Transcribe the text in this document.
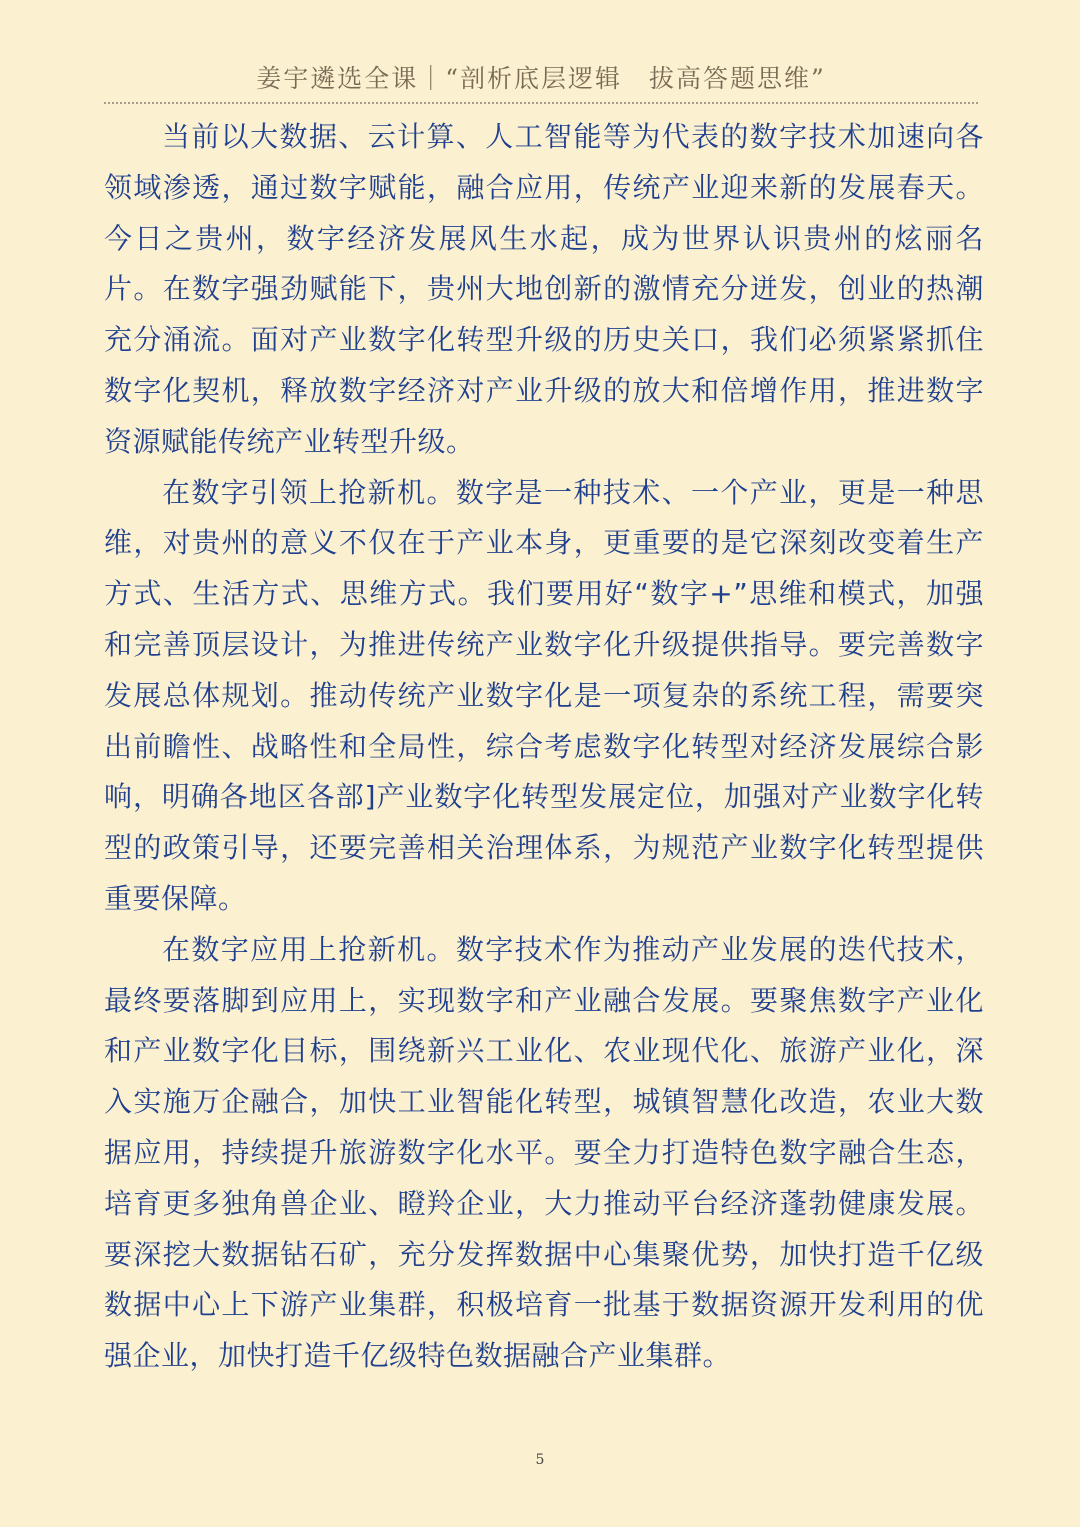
姜宇遴选全课｜“剖析底层逻辑　拔高答题思维”

当前以大数据、云计算、人工智能等为代表的数字技术加速向各领域渗透，通过数字赋能，融合应用，传统产业迎来新的发展春天。今日之贵州，数字经济发展风生水起，成为世界认识贵州的炫丽名片。在数字强劲赋能下，贵州大地创新的激情充分迸发，创业的热潮充分涌流。面对产业数字化转型升级的历史关口，我们必须紧紧抓住数字化契机，释放数字经济对产业升级的放大和倍增作用，推进数字资源赋能传统产业转型升级。

在数字引领上抢新机。数字是一种技术、一个产业，更是一种思维，对贵州的意义不仅在于产业本身，更重要的是它深刻改变着生产方式、生活方式、思维方式。我们要用好“数字+”思维和模式，加强和完善顶层设计，为推进传统产业数字化升级提供指导。要完善数字发展总体规划。推动传统产业数字化是一项复杂的系统工程，需要突出前瞻性、战略性和全局性，综合考虑数字化转型对经济发展综合影响，明确各地区各部]产业数字化转型发展定位，加强对产业数字化转型的政策引导，还要完善相关治理体系，为规范产业数字化转型提供重要保障。

在数字应用上抢新机。数字技术作为推动产业发展的迭代技术，最终要落脚到应用上，实现数字和产业融合发展。要聚焦数字产业化和产业数字化目标，围绕新兴工业化、农业现代化、旅游产业化，深入实施万企融合，加快工业智能化转型，城镇智慧化改造，农业大数据应用，持续提升旅游数字化水平。要全力打造特色数字融合生态，培育更多独角兽企业、瞪羚企业，大力推动平台经济蓬勃健康发展。要深挖大数据钻石矿，充分发挥数据中心集聚优势，加快打造千亿级数据中心上下游产业集群，积极培育一批基于数据资源开发利用的优强企业，加快打造千亿级特色数据融合产业集群。

5
